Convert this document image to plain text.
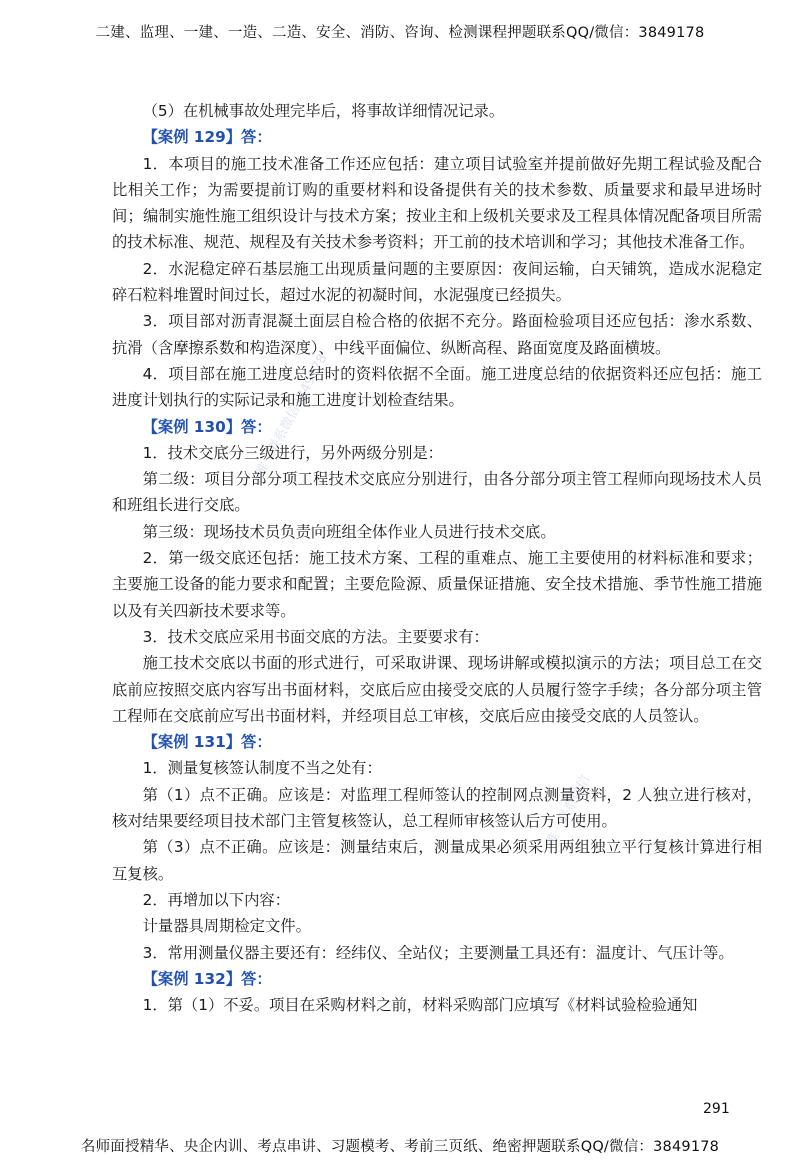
二建、监理、一建、一造、二造、安全、消防、咨询、检测课程押题联系QQ/微信：3849178
唯一联系微信3849178
唯一联系微信

（5）在机械事故处理完毕后，将事故详细情况记录。

【案例 129】答：

1．本项目的施工技术准备工作还应包括：建立项目试验室并提前做好先期工程试验及配合比相关工作；为需要提前订购的重要材料和设备提供有关的技术参数、质量要求和最早进场时间；编制实施性施工组织设计与技术方案；按业主和上级机关要求及工程具体情况配备项目所需的技术标准、规范、规程及有关技术参考资料；开工前的技术培训和学习；其他技术准备工作。

2．水泥稳定碎石基层施工出现质量问题的主要原因：夜间运输，白天铺筑，造成水泥稳定碎石粒料堆置时间过长，超过水泥的初凝时间，水泥强度已经损失。

3．项目部对沥青混凝土面层自检合格的依据不充分。路面检验项目还应包括：渗水系数、抗滑（含摩擦系数和构造深度）、中线平面偏位、纵断高程、路面宽度及路面横坡。

4．项目部在施工进度总结时的资料依据不全面。施工进度总结的依据资料还应包括：施工进度计划执行的实际记录和施工进度计划检查结果。

【案例 130】答：

1．技术交底分三级进行，另外两级分别是：

第二级：项目分部分项工程技术交底应分别进行，由各分部分项主管工程师向现场技术人员和班组长进行交底。

第三级：现场技术员负责向班组全体作业人员进行技术交底。

2．第一级交底还包括：施工技术方案、工程的重难点、施工主要使用的材料标准和要求；主要施工设备的能力要求和配置；主要危险源、质量保证措施、安全技术措施、季节性施工措施以及有关四新技术要求等。

3．技术交底应采用书面交底的方法。主要要求有：

施工技术交底以书面的形式进行，可采取讲课、现场讲解或模拟演示的方法；项目总工在交底前应按照交底内容写出书面材料，交底后应由接受交底的人员履行签字手续；各分部分项主管工程师在交底前应写出书面材料，并经项目总工审核，交底后应由接受交底的人员签认。

【案例 131】答：

1．测量复核签认制度不当之处有：

第（1）点不正确。应该是：对监理工程师签认的控制网点测量资料，2 人独立进行核对，核对结果要经项目技术部门主管复核签认，总工程师审核签认后方可使用。

第（3）点不正确。应该是：测量结束后，测量成果必须采用两组独立平行复核计算进行相互复核。

2．再增加以下内容：

计量器具周期检定文件。

3．常用测量仪器主要还有：经纬仪、全站仪；主要测量工具还有：温度计、气压计等。

【案例 132】答：

1．第（1）不妥。项目在采购材料之前，材料采购部门应填写《材料试验检验通知

291
名师面授精华、央企内训、考点串讲、习题模考、考前三页纸、绝密押题联系QQ/微信：3849178
